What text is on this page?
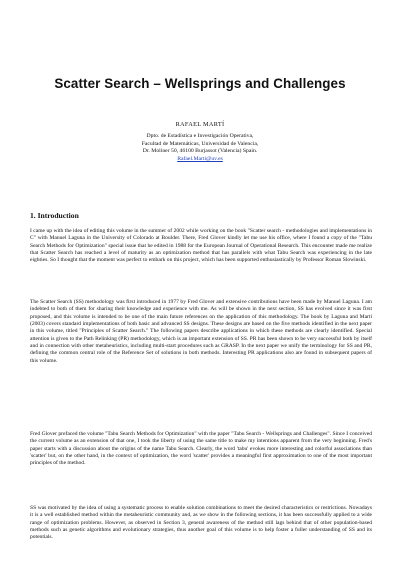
Scatter Search – Wellsprings and Challenges
RAFAEL MARTÍ
Dpto. de Estadística e Investigación Operativa,
Facultad de Matemáticas, Universidad de Valencia,
Dr. Moliner 50, 46100 Burjassot (Valencia) Spain.
Rafael.Marti@uv.es
1. Introduction

I came up with the idea of editing this volume in the summer of 2002 while working on the book "Scatter search - methodologies and implementations in C" with Manuel Laguna in the University of Colorado at Boulder. There, Fred Glover kindly let me use his office, where I found a copy of the "Tabu Search Methods for Optimization" special issue that he edited in 1988 for the European Journal of Operational Research. This encounter made me realize that Scatter Search has reached a level of maturity as an optimization method that has parallels with what Tabu Search was experiencing in the late eighties. So I thought that the moment was perfect to embark on this project, which has been supported enthusiastically by Professor Roman Slowinski.

The Scatter Search (SS) methodology was first introduced in 1977 by Fred Glover and extensive contributions have been made by Manuel Laguna. I am indebted to both of them for sharing their knowledge and experience with me. As will be shown in the next section, SS has evolved since it was first proposed, and this volume is intended to be one of the main future references on the application of this methodology. The book by Laguna and Martí (2003) covers standard implementations of both basic and advanced SS designs. These designs are based on the five methods identified in the next paper in this volume, titled "Principles of Scatter Search." The following papers describe applications in which these methods are clearly identified. Special attention is given to the Path Relinking (PR) methodology, which is an important extension of SS. PR has been shown to be very successful both by itself and in connection with other metaheuristics, including multi-start procedures such as GRASP. In the next paper we unify the terminology for SS and PR, defining the common central role of the Reference Set of solutions in both methods. Interesting PR applications also are found in subsequent papers of this volume.

Fred Glover prefaced the volume "Tabu Search Methods for Optimization" with the paper "Tabu Search - Wellsprings and Challenges". Since I conceived the current volume as an extension of that one, I took the liberty of using the same title to make my intentions apparent from the very beginning. Fred's paper starts with a discussion about the origins of the name Tabu Search. Clearly, the word 'tabu' evokes more interesting and colorful associations than 'scatter' but, on the other hand, in the context of optimization, the word 'scatter' provides a meaningful first approximation to one of the most important principles of the method.

SS was motivated by the idea of using a systematic process to enable solution combinations to meet the desired characteristics or restrictions. Nowadays it is a well established method within the metaheuristic community and, as we show in the following sections, it has been successfully applied to a wide range of optimization problems. However, as observed in Section 3, general awareness of the method still lags behind that of other population-based methods such as genetic algorithms and evolutionary strategies, thus another goal of this volume is to help foster a fuller understanding of SS and its potentials.
